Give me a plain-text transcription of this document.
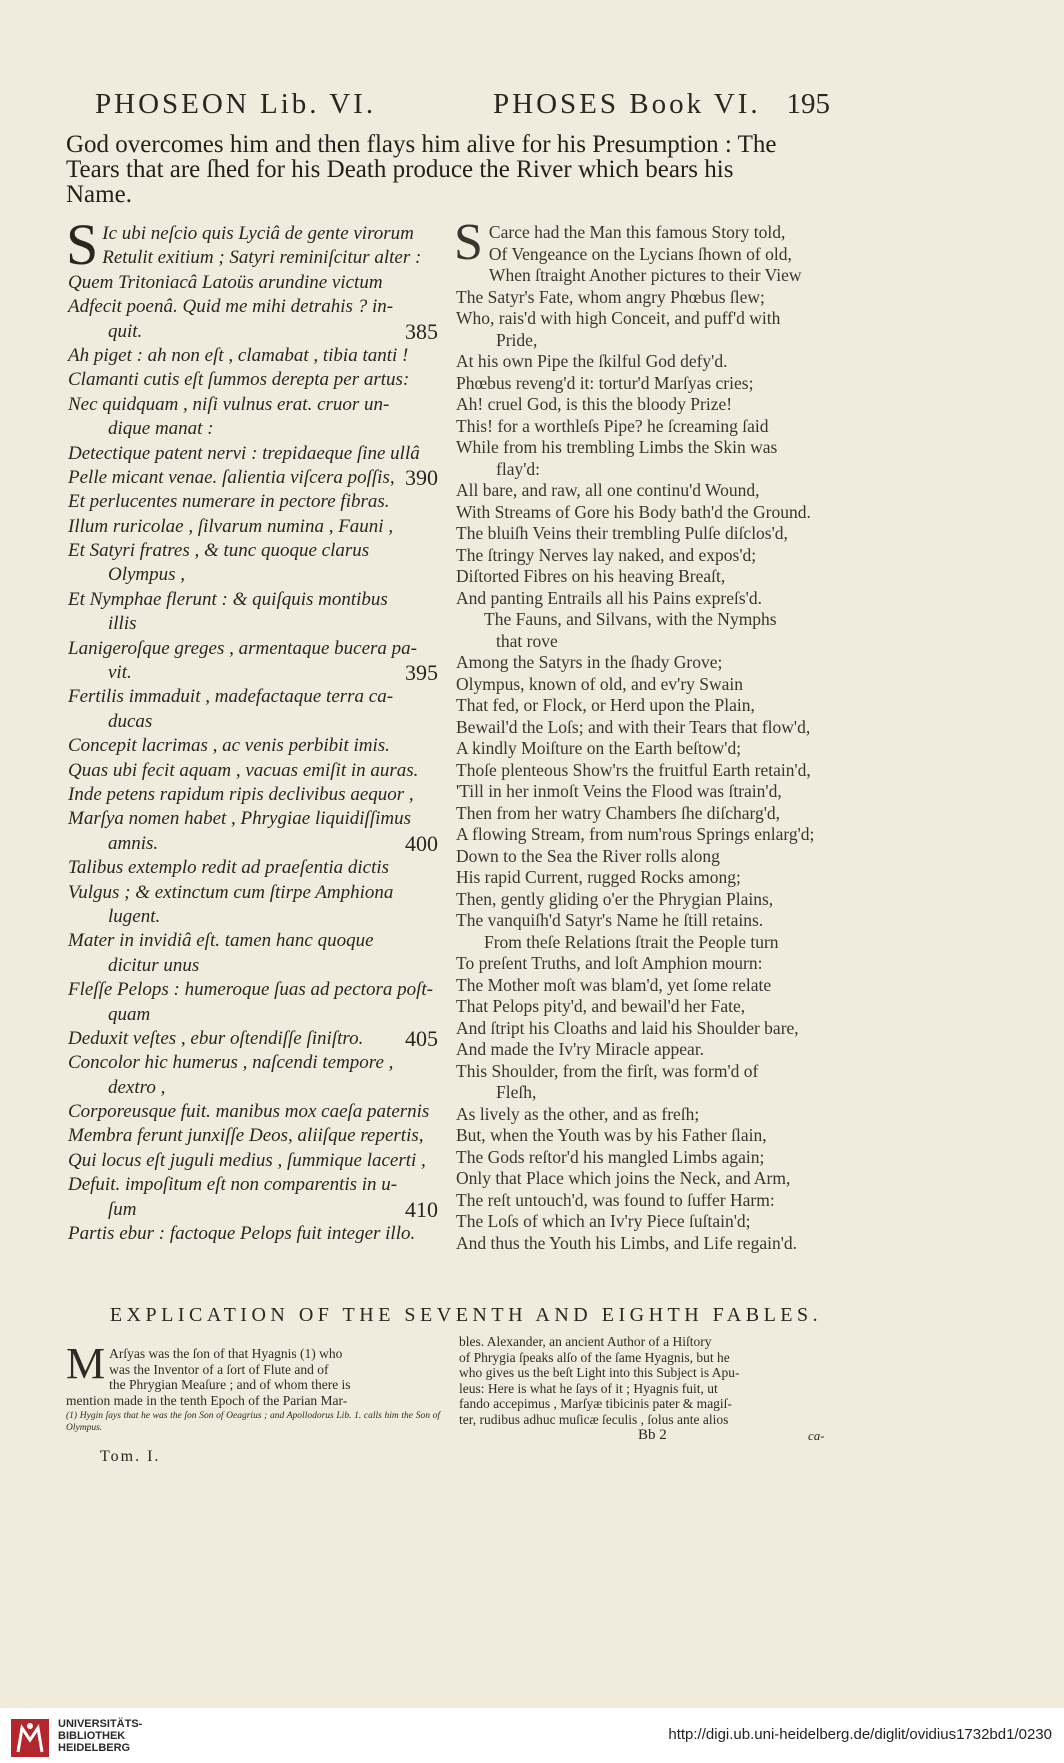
PHOSEON Lib. VI.	PHOSES Book VI. 195
God overcomes him and then flays him alive for his Presumption : The
Tears that are ſhed for his Death produce the River which bears his
Name.
S Ic ubi neſcio quis Lyciâ de gente virorum
Retulit exitium ; Satyri reminiſcitur alter :
Quem Tritoniacâ Latoüs arundine victum
Adfecit poenâ. Quid me mihi detrahis ? in-
quit.	385
Ah piget : ah non eſt , clamabat , tibia tanti !
Clamanti cutis eſt ſummos derepta per artus:
Nec quidquam , niſi vulnus erat. cruor un-
dique manat :
Detectique patent nervi : trepidaeque ſine ullâ
Pelle micant venae. ſalientia viſcera poſſis, 390
Et perlucentes numerare in pectore fibras.
Illum ruricolae , ſilvarum numina , Fauni ,
Et Satyri fratres , & tunc quoque clarus
Olympus ,
Et Nymphae flerunt : & quiſquis montibus
illis
Lanigeroſque greges , armentaque bucera pa-
vit.	395
Fertilis immaduit , madefactaque terra ca-
ducas
Concepit lacrimas , ac venis perbibit imis.
Quas ubi fecit aquam , vacuas emiſit in auras.
Inde petens rapidum ripis declivibus aequor ,
Marſya nomen habet , Phrygiae liquidiſſimus
amnis.	400
Talibus extemplo redit ad praeſentia dictis
Vulgus ; & extinctum cum ſtirpe Amphiona
lugent.
Mater in invidiâ eſt. tamen hanc quoque
dicitur unus
Fleſſe Pelops : humeroque ſuas ad pectora poſt-
quam
Deduxit veſtes , ebur oſtendiſſe ſiniſtro. 405
Concolor hic humerus , naſcendi tempore ,
dextro ,
Corporeusque fuit. manibus mox caeſa paternis
Membra ferunt junxiſſe Deos, aliiſque repertis,
Qui locus eſt juguli medius , ſummique lacerti ,
Defuit. impoſitum eſt non comparentis in u-
ſum	410
Partis ebur : factoque Pelops fuit integer illo.
S Carce had the Man this famous Story told,
Of Vengeance on the Lycians ſhown of old,
When ſtraight Another pictures to their View
The Satyr's Fate, whom angry Phœbus ſlew;
Who, rais'd with high Conceit, and puff'd with
Pride,
At his own Pipe the ſkilful God defy'd.
Phœbus reveng'd it: tortur'd Marſyas cries;
Ah! cruel God, is this the bloody Prize!
This! for a worthleſs Pipe? he ſcreaming ſaid
While from his trembling Limbs the Skin was
flay'd:
All bare, and raw, all one continu'd Wound,
With Streams of Gore his Body bath'd the Ground.
The bluiſh Veins their trembling Pulſe diſclos'd,
The ſtringy Nerves lay naked, and expos'd;
Diſtorted Fibres on his heaving Breaſt,
And panting Entrails all his Pains expreſs'd.
The Fauns, and Silvans, with the Nymphs
that rove
Among the Satyrs in the ſhady Grove;
Olympus, known of old, and ev'ry Swain
That fed, or Flock, or Herd upon the Plain,
Bewail'd the Loſs; and with their Tears that flow'd,
A kindly Moiſture on the Earth beſtow'd;
Thoſe plenteous Show'rs the fruitful Earth retain'd,
'Till in her inmoſt Veins the Flood was ſtrain'd,
Then from her watry Chambers ſhe diſcharg'd,
A flowing Stream, from num'rous Springs enlarg'd;
Down to the Sea the River rolls along
His rapid Current, rugged Rocks among;
Then, gently gliding o'er the Phrygian Plains,
The vanquiſh'd Satyr's Name he ſtill retains.
From theſe Relations ſtrait the People turn
To preſent Truths, and loſt Amphion mourn:
The Mother moſt was blam'd, yet ſome relate
That Pelops pity'd, and bewail'd her Fate,
And ſtript his Cloaths and laid his Shoulder bare,
And made the Iv'ry Miracle appear.
This Shoulder, from the firſt, was form'd of
Fleſh,
As lively as the other, and as freſh;
But, when the Youth was by his Father ſlain,
The Gods reſtor'd his mangled Limbs again;
Only that Place which joins the Neck, and Arm,
The reſt untouch'd, was found to ſuffer Harm:
The Loſs of which an Iv'ry Piece ſuſtain'd;
And thus the Youth his Limbs, and Life regain'd.
EXPLICATION OF THE SEVENTH AND EIGHTH FABLES.
M Arſyas was the ſon of that Hyagnis (1) who
was the Inventor of a ſort of Flute and of
the Phrygian Meaſure ; and of whom there is
mention made in the tenth Epoch of the Parian Mar-
(1) Hygin ſays that he was the ſon Son of Oeagrius ; and Apollodorus Lib. 1. calls him the Son of Olympus.
bles. Alexander, an ancient Author of a Hiſtory
of Phrygia ſpeaks alſo of the ſame Hyagnis, but he
who gives us the beſt Light into this Subject is Apu-
leus: Here is what he ſays of it ; Hyagnis fuit, ut
fando accepimus , Marſyæ tibicinis pater & magiſ-
ter, rudibus adhuc muſicæ ſeculis , ſolus ante alios
Tom. I.
Bb 2	ca-
UNIVERSITÄTS-
BIBLIOTHEK
HEIDELBERG
http://digi.ub.uni-heidelberg.de/diglit/ovidius1732bd1/0230
